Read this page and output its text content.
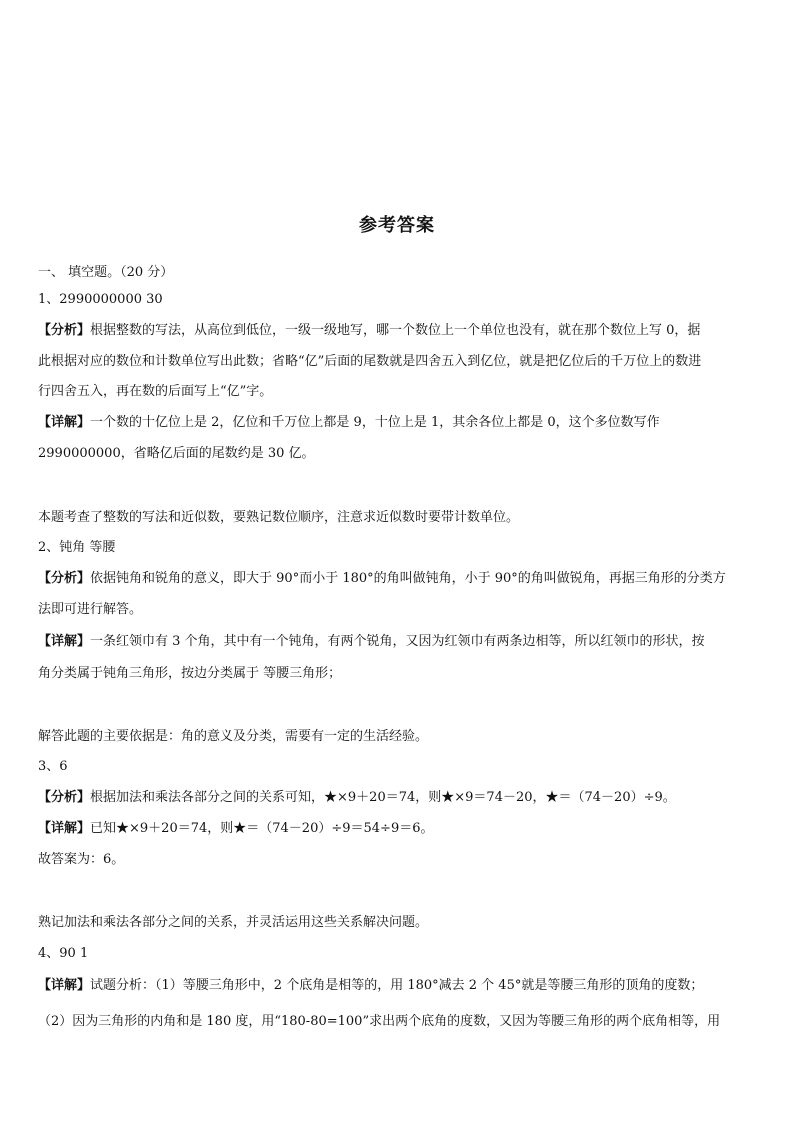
参考答案
一、 填空题。（20 分）
1、2990000000 30
【分析】根据整数的写法，从高位到低位，一级一级地写，哪一个数位上一个单位也没有，就在那个数位上写 0，据
此根据对应的数位和计数单位写出此数；省略“亿”后面的尾数就是四舍五入到亿位，就是把亿位后的千万位上的数进
行四舍五入，再在数的后面写上“亿”字。
【详解】一个数的十亿位上是 2，亿位和千万位上都是 9，十位上是 1，其余各位上都是 0，这个多位数写作
2990000000，省略亿后面的尾数约是 30 亿。
本题考查了整数的写法和近似数，要熟记数位顺序，注意求近似数时要带计数单位。
2、钝角 等腰
【分析】依据钝角和锐角的意义，即大于 90°而小于 180°的角叫做钝角，小于 90°的角叫做锐角，再据三角形的分类方
法即可进行解答。
【详解】一条红领巾有 3 个角，其中有一个钝角，有两个锐角，又因为红领巾有两条边相等，所以红领巾的形状，按
角分类属于钝角三角形，按边分类属于 等腰三角形；
解答此题的主要依据是：角的意义及分类，需要有一定的生活经验。
3、6
【分析】根据加法和乘法各部分之间的关系可知，★×9＋20＝74，则★×9＝74－20，★＝（74－20）÷9。
【详解】已知★×9＋20＝74，则★＝（74－20）÷9＝54÷9＝6。
故答案为：6。
熟记加法和乘法各部分之间的关系，并灵活运用这些关系解决问题。
4、90 1
【详解】试题分析：（1）等腰三角形中，2 个底角是相等的，用 180°减去 2 个 45°就是等腰三角形的顶角的度数；
（2）因为三角形的内角和是 180 度，用“180-80=100”求出两个底角的度数，又因为等腰三角形的两个底角相等，用
